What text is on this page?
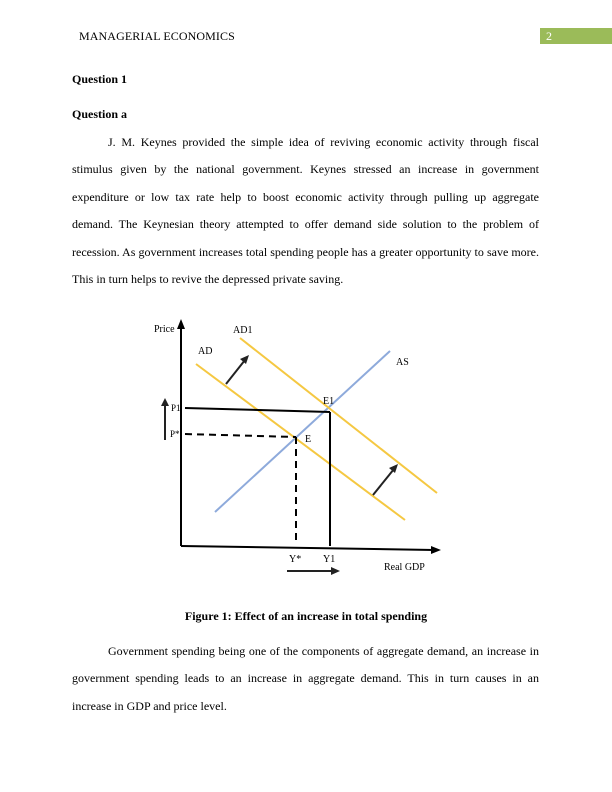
MANAGERIAL ECONOMICS	2
Question 1
Question a

J. M. Keynes provided the simple idea of reviving economic activity through fiscal stimulus given by the national government. Keynes stressed an increase in government expenditure or low tax rate help to boost economic activity through pulling up aggregate demand. The Keynesian theory attempted to offer demand side solution to the problem of recession. As government increases total spending people has a greater opportunity to save more. This in turn helps to revive the depressed private saving.

Price
Real GDP
AD
AD1
AS
E1
E
P1
P*
Y* Y1
Figure 1: Effect of an increase in total spending

Government spending being one of the components of aggregate demand, an increase in government spending leads to an increase in aggregate demand. This in turn causes in an increase in GDP and price level.
